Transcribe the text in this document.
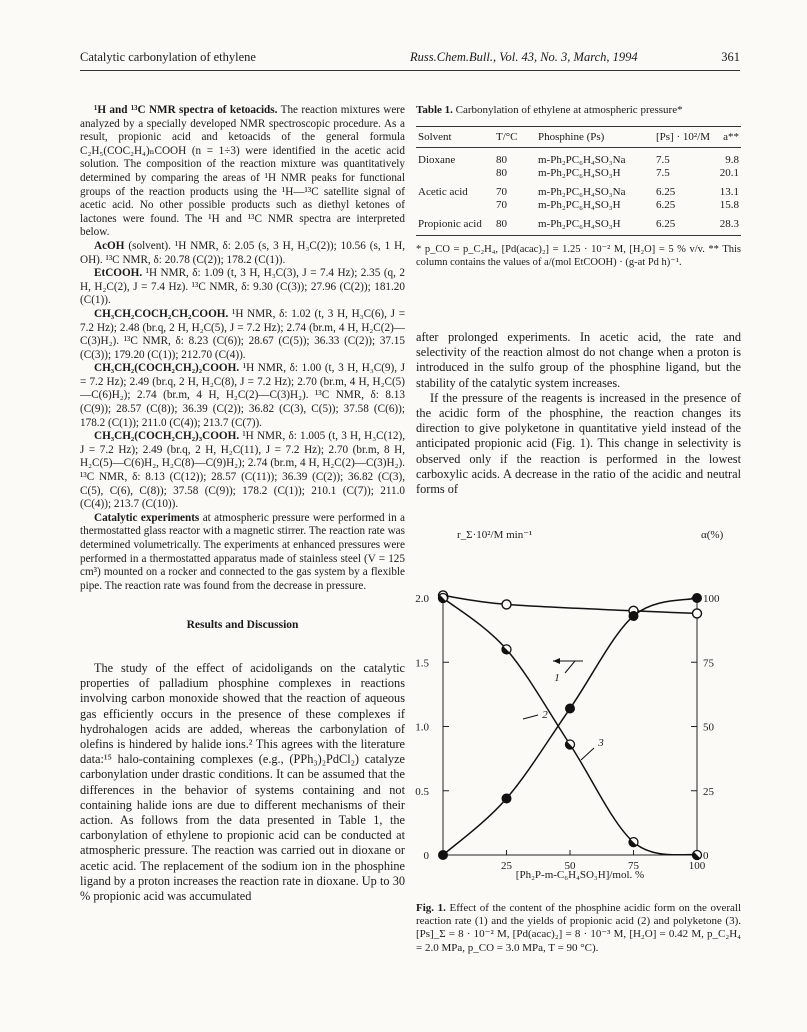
Catalytic carbonylation of ethylene	Russ.Chem.Bull., Vol. 43, No. 3, March, 1994	361

¹H and ¹³C NMR spectra of ketoacids. The reaction mixtures were analyzed by a specially developed NMR spectroscopic procedure. As a result, propionic acid and ketoacids of the general formula C₂H₅(COC₂H₄)ₙCOOH (n = 1÷3) were identified in the acetic acid solution. The composition of the reaction mixture was quantitatively determined by comparing the areas of ¹H NMR peaks for functional groups of the reaction products using the ¹H—¹³C satellite signal of acetic acid. No other possible products such as diethyl ketones of lactones were found. The ¹H and ¹³C NMR spectra are interpreted below.

AcOH (solvent). ¹H NMR, δ: 2.05 (s, 3 H, H₃C(2)); 10.56 (s, 1 H, OH). ¹³C NMR, δ: 20.78 (C(2)); 178.2 (C(1)).

EtCOOH. ¹H NMR, δ: 1.09 (t, 3 H, H₃C(3), J = 7.4 Hz); 2.35 (q, 2 H, H₂C(2), J = 7.4 Hz). ¹³C NMR, δ: 9.30 (C(3)); 27.96 (C(2)); 181.20 (C(1)).

CH₃CH₂COCH₂CH₂COOH. ¹H NMR, δ: 1.02 (t, 3 H, H₃C(6), J = 7.2 Hz); 2.48 (br.q, 2 H, H₂C(5), J = 7.2 Hz); 2.74 (br.m, 4 H, H₂C(2)—C(3)H₂). ¹³C NMR, δ: 8.23 (C(6)); 28.67 (C(5)); 36.33 (C(2)); 37.15 (C(3)); 179.20 (C(1)); 212.70 (C(4)).

CH₃CH₂(COCH₂CH₂)₂COOH. ¹H NMR, δ: 1.00 (t, 3 H, H₃C(9), J = 7.2 Hz); 2.49 (br.q, 2 H, H₂C(8), J = 7.2 Hz); 2.70 (br.m, 4 H, H₂C(5)—C(6)H₂); 2.74 (br.m, 4 H, H₂C(2)—C(3)H₂). ¹³C NMR, δ: 8.13 (C(9)); 28.57 (C(8)); 36.39 (C(2)); 36.82 (C(3), C(5)); 37.58 (C(6)); 178.2 (C(1)); 211.0 (C(4)); 213.7 (C(7)).

CH₃CH₂(COCH₂CH₂)₃COOH. ¹H NMR, δ: 1.005 (t, 3 H, H₃C(12), J = 7.2 Hz); 2.49 (br.q, 2 H, H₂C(11), J = 7.2 Hz); 2.70 (br.m, 8 H, H₂C(5)—C(6)H₂, H₂C(8)—C(9)H₂); 2.74 (br.m, 4 H, H₂C(2)—C(3)H₂). ¹³C NMR, δ: 8.13 (C(12)); 28.57 (C(11)); 36.39 (C(2)); 36.82 (C(3), C(5), C(6), C(8)); 37.58 (C(9)); 178.2 (C(1)); 210.1 (C(7)); 211.0 (C(4)); 213.7 (C(10)).

Catalytic experiments at atmospheric pressure were performed in a thermostatted glass reactor with a magnetic stirrer. The reaction rate was determined volumetrically. The experiments at enhanced pressures were performed in a thermostatted apparatus made of stainless steel (V = 125 cm³) mounted on a rocker and connected to the gas system by a flexible pipe. The reaction rate was found from the decrease in pressure.

Results and Discussion

The study of the effect of acidoligands on the catalytic properties of palladium phosphine complexes in reactions involving carbon monoxide showed that the reaction of aqueous gas efficiently occurs in the presence of these complexes if hydrohalogen acids are added, whereas the carbonylation of olefins is hindered by halide ions.² This agrees with the literature data:¹⁵ halo-containing complexes (e.g., (PPh₃)₂PdCl₂) catalyze carbonylation under drastic conditions. It can be assumed that the differences in the behavior of systems containing and not containing halide ions are due to different mechanisms of their action. As follows from the data presented in Table 1, the carbonylation of ethylene to propionic acid can be conducted at atmospheric pressure. The reaction was carried out in dioxane or acetic acid. The replacement of the sodium ion in the phosphine ligand by a proton increases the reaction rate in dioxane. Up to 30 % propionic acid was accumulated

Table 1. Carbonylation of ethylene at atmospheric pressure*
Solvent	T/°C	Phosphine (Ps)	[Ps] · 10²/M	a**
Dioxane	80	m-Ph₂PC₆H₄SO₃Na	7.5	9.8
	80	m-Ph₂PC₆H₄SO₃H	7.5	20.1
Acetic acid	70	m-Ph₂PC₆H₄SO₃Na	6.25	13.1
	70	m-Ph₂PC₆H₄SO₃H	6.25	15.8
Propionic acid	80	m-Ph₂PC₆H₄SO₃H	6.25	28.3
* p_CO = p_C₂H₄, [Pd(acac)₂] = 1.25 · 10⁻² M, [H₂O] = 5 % v/v. ** This column contains the values of a/(mol EtCOOH) · (g-at Pd h)⁻¹.

after prolonged experiments. In acetic acid, the rate and selectivity of the reaction almost do not change when a proton is introduced in the sulfo group of the phosphine ligand, but the stability of the catalytic system increases.

If the pressure of the reagents is increased in the presence of the acidic form of the phosphine, the reaction changes its direction to give polyketone in quantitative yield instead of the anticipated propionic acid (Fig. 1). This change in selectivity is observed only if the reaction is performed in the lowest carboxylic acids. A decrease in the ratio of the acidic and neutral forms of

r_Σ·10²/M min⁻¹	α(%)
[Ph₂P-m-C₆H₄SO₃H]/mol. %
0
0.5
1.0
1.5
2.0
0
25
50
75
100
25	50	75	100
1
2
3
Fig. 1. Effect of the content of the phosphine acidic form on the overall reaction rate (1) and the yields of propionic acid (2) and polyketone (3). [Ps]_Σ = 8 · 10⁻² M, [Pd(acac)₂] = 8 · 10⁻³ M, [H₂O] = 0.42 M, p_C₂H₄ = 2.0 MPa, p_CO = 3.0 MPa, T = 90 °C).
